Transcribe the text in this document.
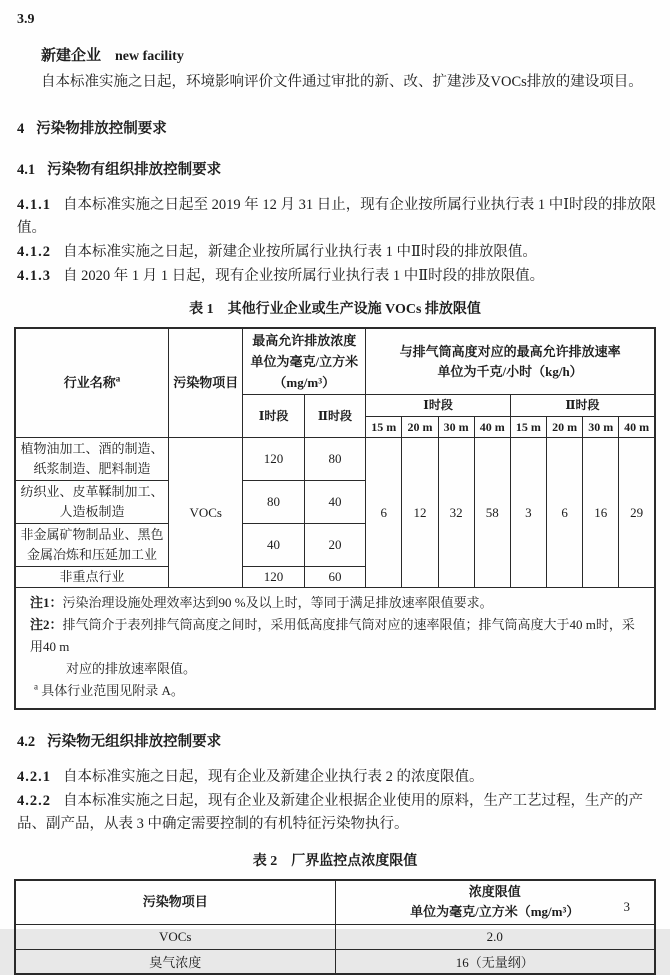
3.9
新建企业 new facility

自本标准实施之日起，环境影响评价文件通过审批的新、改、扩建涉及VOCs排放的建设项目。

4 污染物排放控制要求
4.1 污染物有组织排放控制要求

4.1.1 自本标准实施之日起至 2019 年 12 月 31 日止，现有企业按所属行业执行表 1 中Ⅰ时段的排放限值。

4.1.2 自本标准实施之日起，新建企业按所属行业执行表 1 中Ⅱ时段的排放限值。

4.1.3 自 2020 年 1 月 1 日起，现有企业按所属行业执行表 1 中Ⅱ时段的排放限值。

表 1 其他行业企业或生产设施 VOCs 排放限值
行业名称$^a$	污染物项目	
最高允许排放浓度
单位为毫克/立方米
（mg/m³）

与排气筒高度对应的最高允许排放速率
单位为千克/小时（kg/h）

		Ⅰ时段	Ⅱ时段	Ⅰ时段				Ⅱ时段			
				15 m	20 m	30 m	40 m	15 m	20 m	30 m	40 m

植物油加工、酒的制造、
纸浆制造、肥料制造	VOCs	120	80	6	12	32	58	3	6	16	29

纺织业、皮革鞣制加工、
人造板制造		80	40								

非金属矿物制品业、黑色
金属冶炼和压延加工业		40	20								
非重点行业		120	60								

注1：污染治理设施处理效率达到90 %及以上时，等同于满足排放速率限值要求。
注2：排气筒介于表列排气筒高度之间时，采用低高度排气筒对应的速率限值；排气筒高度大于40 m时，采用40 m
对应的排放速率限值。
$^a$ 具体行业范围见附录 A。											
4.2 污染物无组织排放控制要求

4.2.1 自本标准实施之日起，现有企业及新建企业执行表 2 的浓度限值。

4.2.2 自本标准实施之日起，现有企业及新建企业根据企业使用的原料，生产工艺过程，生产的产品、副产品，从表 3 中确定需要控制的有机特征污染物执行。

表 2 厂界监控点浓度限值
污染物项目	浓度限值
单位为毫克/立方米（mg/m³）

VOCs	2.0
臭气浓度	16（无量纲）
3
